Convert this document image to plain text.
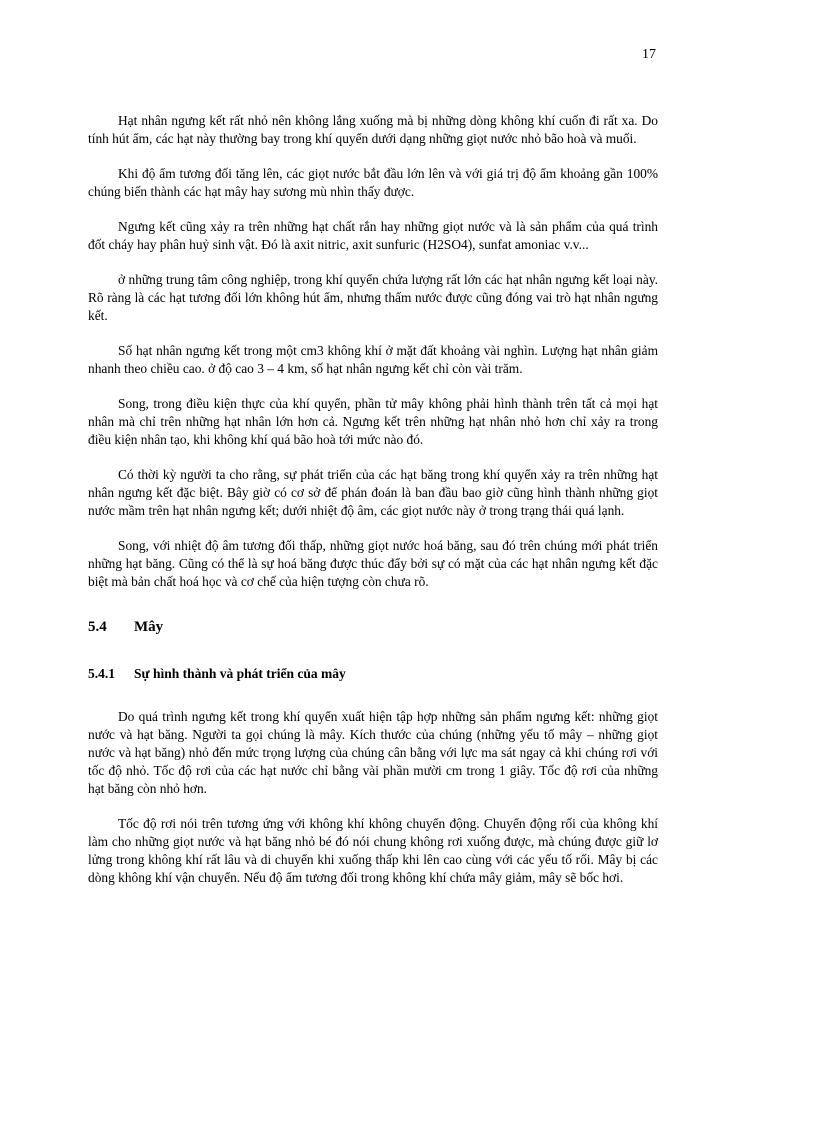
17

Hạt nhân ngưng kết rất nhỏ nên không lắng xuống mà bị những dòng không khí cuốn đi rất xa. Do tính hút ẩm, các hạt này thường bay trong khí quyển dưới dạng những giọt nước nhỏ bão hoà và muối.

Khi độ ẩm tương đối tăng lên, các giọt nước bắt đầu lớn lên và với giá trị độ ẩm khoảng gần 100% chúng biến thành các hạt mây hay sương mù nhìn thấy được.

Ngưng kết cũng xảy ra trên những hạt chất rắn hay những giọt nước và là sản phẩm của quá trình đốt cháy hay phân huỷ sinh vật. Đó là axit nitric, axit sunfuric (H2SO4), sunfat amoniac v.v...

ở những trung tâm công nghiệp, trong khí quyển chứa lượng rất lớn các hạt nhân ngưng kết loại này. Rõ ràng là các hạt tương đối lớn không hút ẩm, nhưng thấm nước được cũng đóng vai trò hạt nhân ngưng kết.

Số hạt nhân ngưng kết trong một cm3 không khí ở mặt đất khoảng vài nghìn. Lượng hạt nhân giảm nhanh theo chiều cao. ở độ cao 3 – 4 km, số hạt nhân ngưng kết chỉ còn vài trăm.

Song, trong điều kiện thực của khí quyển, phần tử mây không phải hình thành trên tất cả mọi hạt nhân mà chỉ trên những hạt nhân lớn hơn cả. Ngưng kết trên những hạt nhân nhỏ hơn chỉ xảy ra trong điều kiện nhân tạo, khi không khí quá bão hoà tới mức nào đó.

Có thời kỳ người ta cho rằng, sự phát triển của các hạt băng trong khí quyển xảy ra trên những hạt nhân ngưng kết đặc biệt. Bây giờ có cơ sở để phán đoán là ban đầu bao giờ cũng hình thành những giọt nước mầm trên hạt nhân ngưng kết; dưới nhiệt độ âm, các giọt nước này ở trong trạng thái quá lạnh.

Song, với nhiệt độ âm tương đối thấp, những giọt nước hoá băng, sau đó trên chúng mới phát triển những hạt băng. Cũng có thể là sự hoá băng được thúc đẩy bởi sự có mặt của các hạt nhân ngưng kết đặc biệt mà bản chất hoá học và cơ chế của hiện tượng còn chưa rõ.

5.4	Mây
5.4.1	Sự hình thành và phát triển của mây

Do quá trình ngưng kết trong khí quyển xuất hiện tập hợp những sản phẩm ngưng kết: những giọt nước và hạt băng. Người ta gọi chúng là mây. Kích thước của chúng (những yếu tố mây – những giọt nước và hạt băng) nhỏ đến mức trọng lượng của chúng cân bằng với lực ma sát ngay cả khi chúng rơi với tốc độ nhỏ. Tốc độ rơi của các hạt nước chỉ bằng vài phần mười cm trong 1 giây. Tốc độ rơi của những hạt băng còn nhỏ hơn.

Tốc độ rơi nói trên tương ứng với không khí không chuyển động. Chuyển động rối của không khí làm cho những giọt nước và hạt băng nhỏ bé đó nói chung không rơi xuống được, mà chúng được giữ lơ lửng trong không khí rất lâu và di chuyển khi xuống thấp khi lên cao cùng với các yếu tố rối. Mây bị các dòng không khí vận chuyển. Nếu độ ẩm tương đối trong không khí chứa mây giảm, mây sẽ bốc hơi.
